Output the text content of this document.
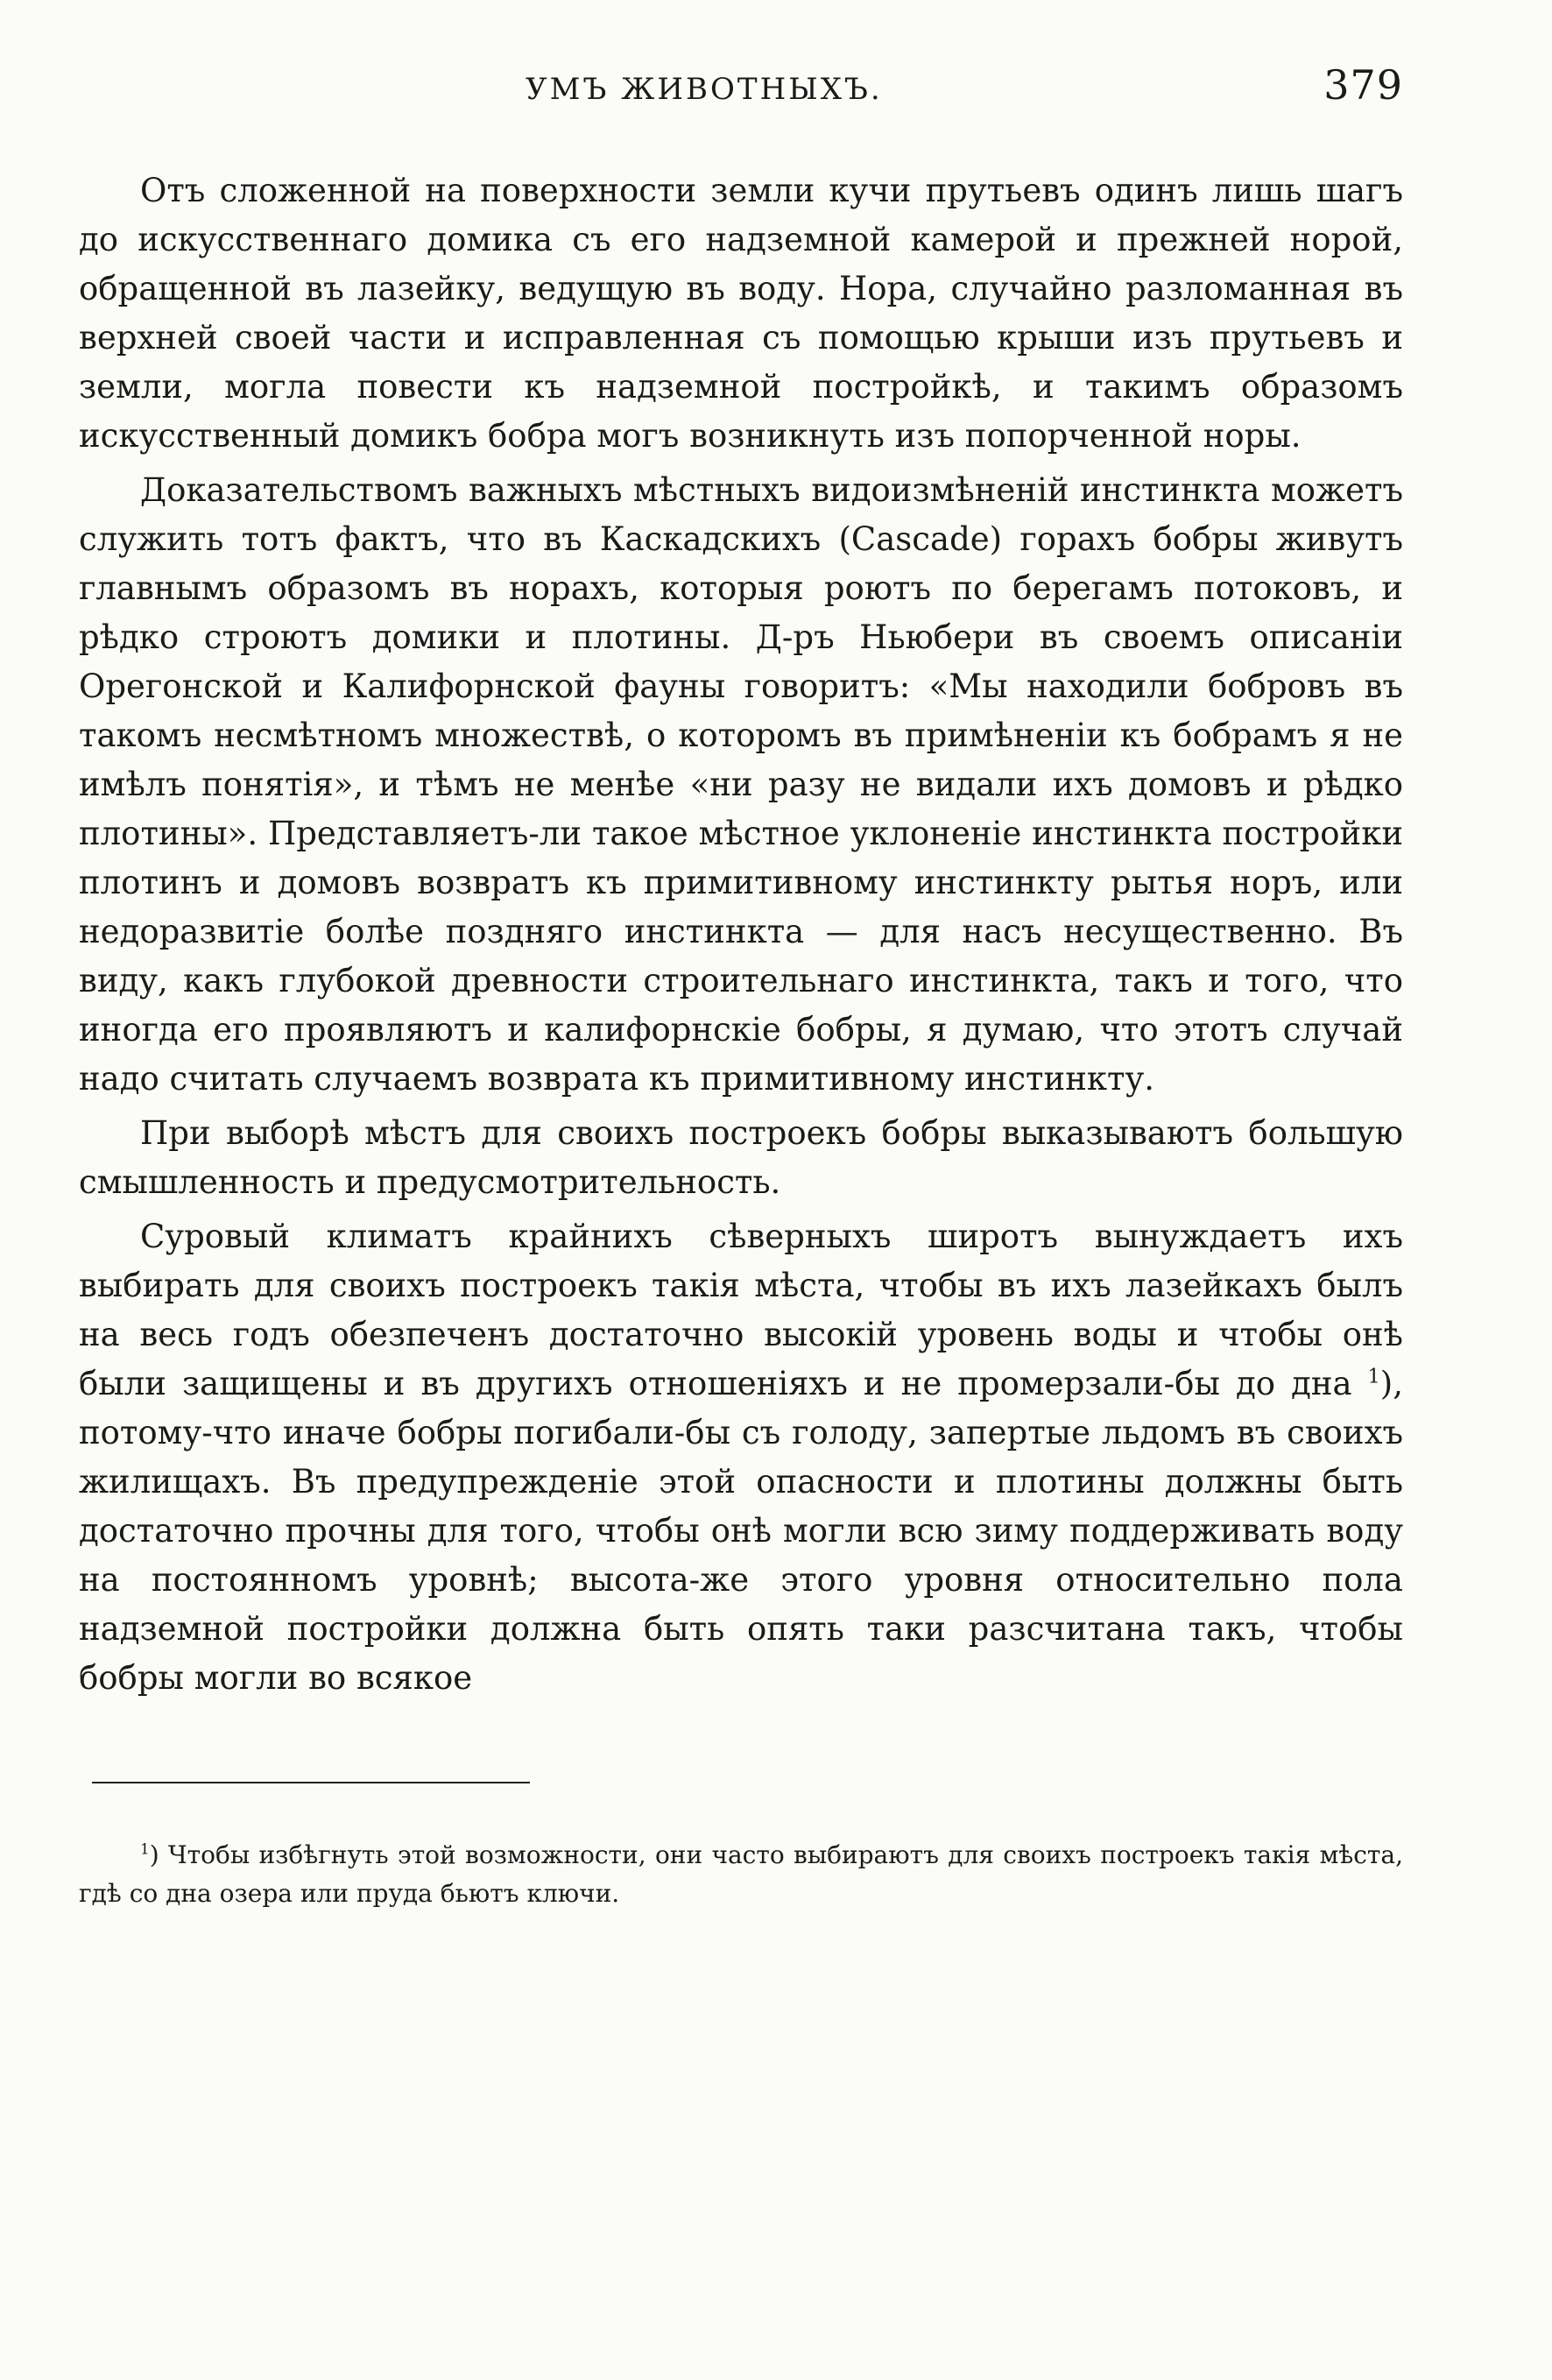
УМЪ ЖИВОТНЫХЪ.	379

Отъ сложенной на поверхности земли кучи прутьевъ одинъ лишь шагъ до искусственнаго домика съ его надземной камерой и прежней норой, обращенной въ лазейку, ведущую въ воду. Нора, случайно разломанная въ верхней своей части и исправленная съ помощью крыши изъ прутьевъ и земли, могла повести къ надземной постройкѣ, и такимъ образомъ искусственный домикъ бобра могъ возникнуть изъ попорченной норы.

Доказательствомъ важныхъ мѣстныхъ видоизмѣненій инстинкта можетъ служить тотъ фактъ, что въ Каскадскихъ (Cascade) горахъ бобры живутъ главнымъ образомъ въ норахъ, которыя роютъ по берегамъ потоковъ, и рѣдко строютъ домики и плотины. Д-ръ Ньюбери въ своемъ описаніи Орегонской и Калифорнской фауны говоритъ: «Мы находили бобровъ въ такомъ несмѣтномъ множествѣ, о которомъ въ примѣненіи къ бобрамъ я не имѣлъ понятія», и тѣмъ не менѣе «ни разу не видали ихъ домовъ и рѣдко плотины». Представляетъ-ли такое мѣстное уклоненіе инстинкта постройки плотинъ и домовъ возвратъ къ примитивному инстинкту рытья норъ, или недоразвитіе болѣе поздняго инстинкта — для насъ несущественно. Въ виду, какъ глубокой древности строительнаго инстинкта, такъ и того, что иногда его проявляютъ и калифорнскіе бобры, я думаю, что этотъ случай надо считать случаемъ возврата къ примитивному инстинкту.

При выборѣ мѣстъ для своихъ построекъ бобры выказываютъ большую смышленность и предусмотрительность.

Суровый климатъ крайнихъ сѣверныхъ широтъ вынуждаетъ ихъ выбирать для своихъ построекъ такія мѣста, чтобы въ ихъ лазейкахъ былъ на весь годъ обезпеченъ достаточно высокій уровень воды и чтобы онѣ были защищены и въ другихъ отношеніяхъ и не промерзали-бы до дна $^1$), потому-что иначе бобры погибали-бы съ голоду, запертые льдомъ въ своихъ жилищахъ. Въ предупрежденіе этой опасности и плотины должны быть достаточно прочны для того, чтобы онѣ могли всю зиму поддерживать воду на постоянномъ уровнѣ; высота-же этого уровня относительно пола надземной постройки должна быть опять таки разсчитана такъ, чтобы бобры могли во всякое

$^1$) Чтобы избѣгнуть этой возможности, они часто выбираютъ для своихъ построекъ такія мѣста, гдѣ со дна озера или пруда бьютъ ключи.
